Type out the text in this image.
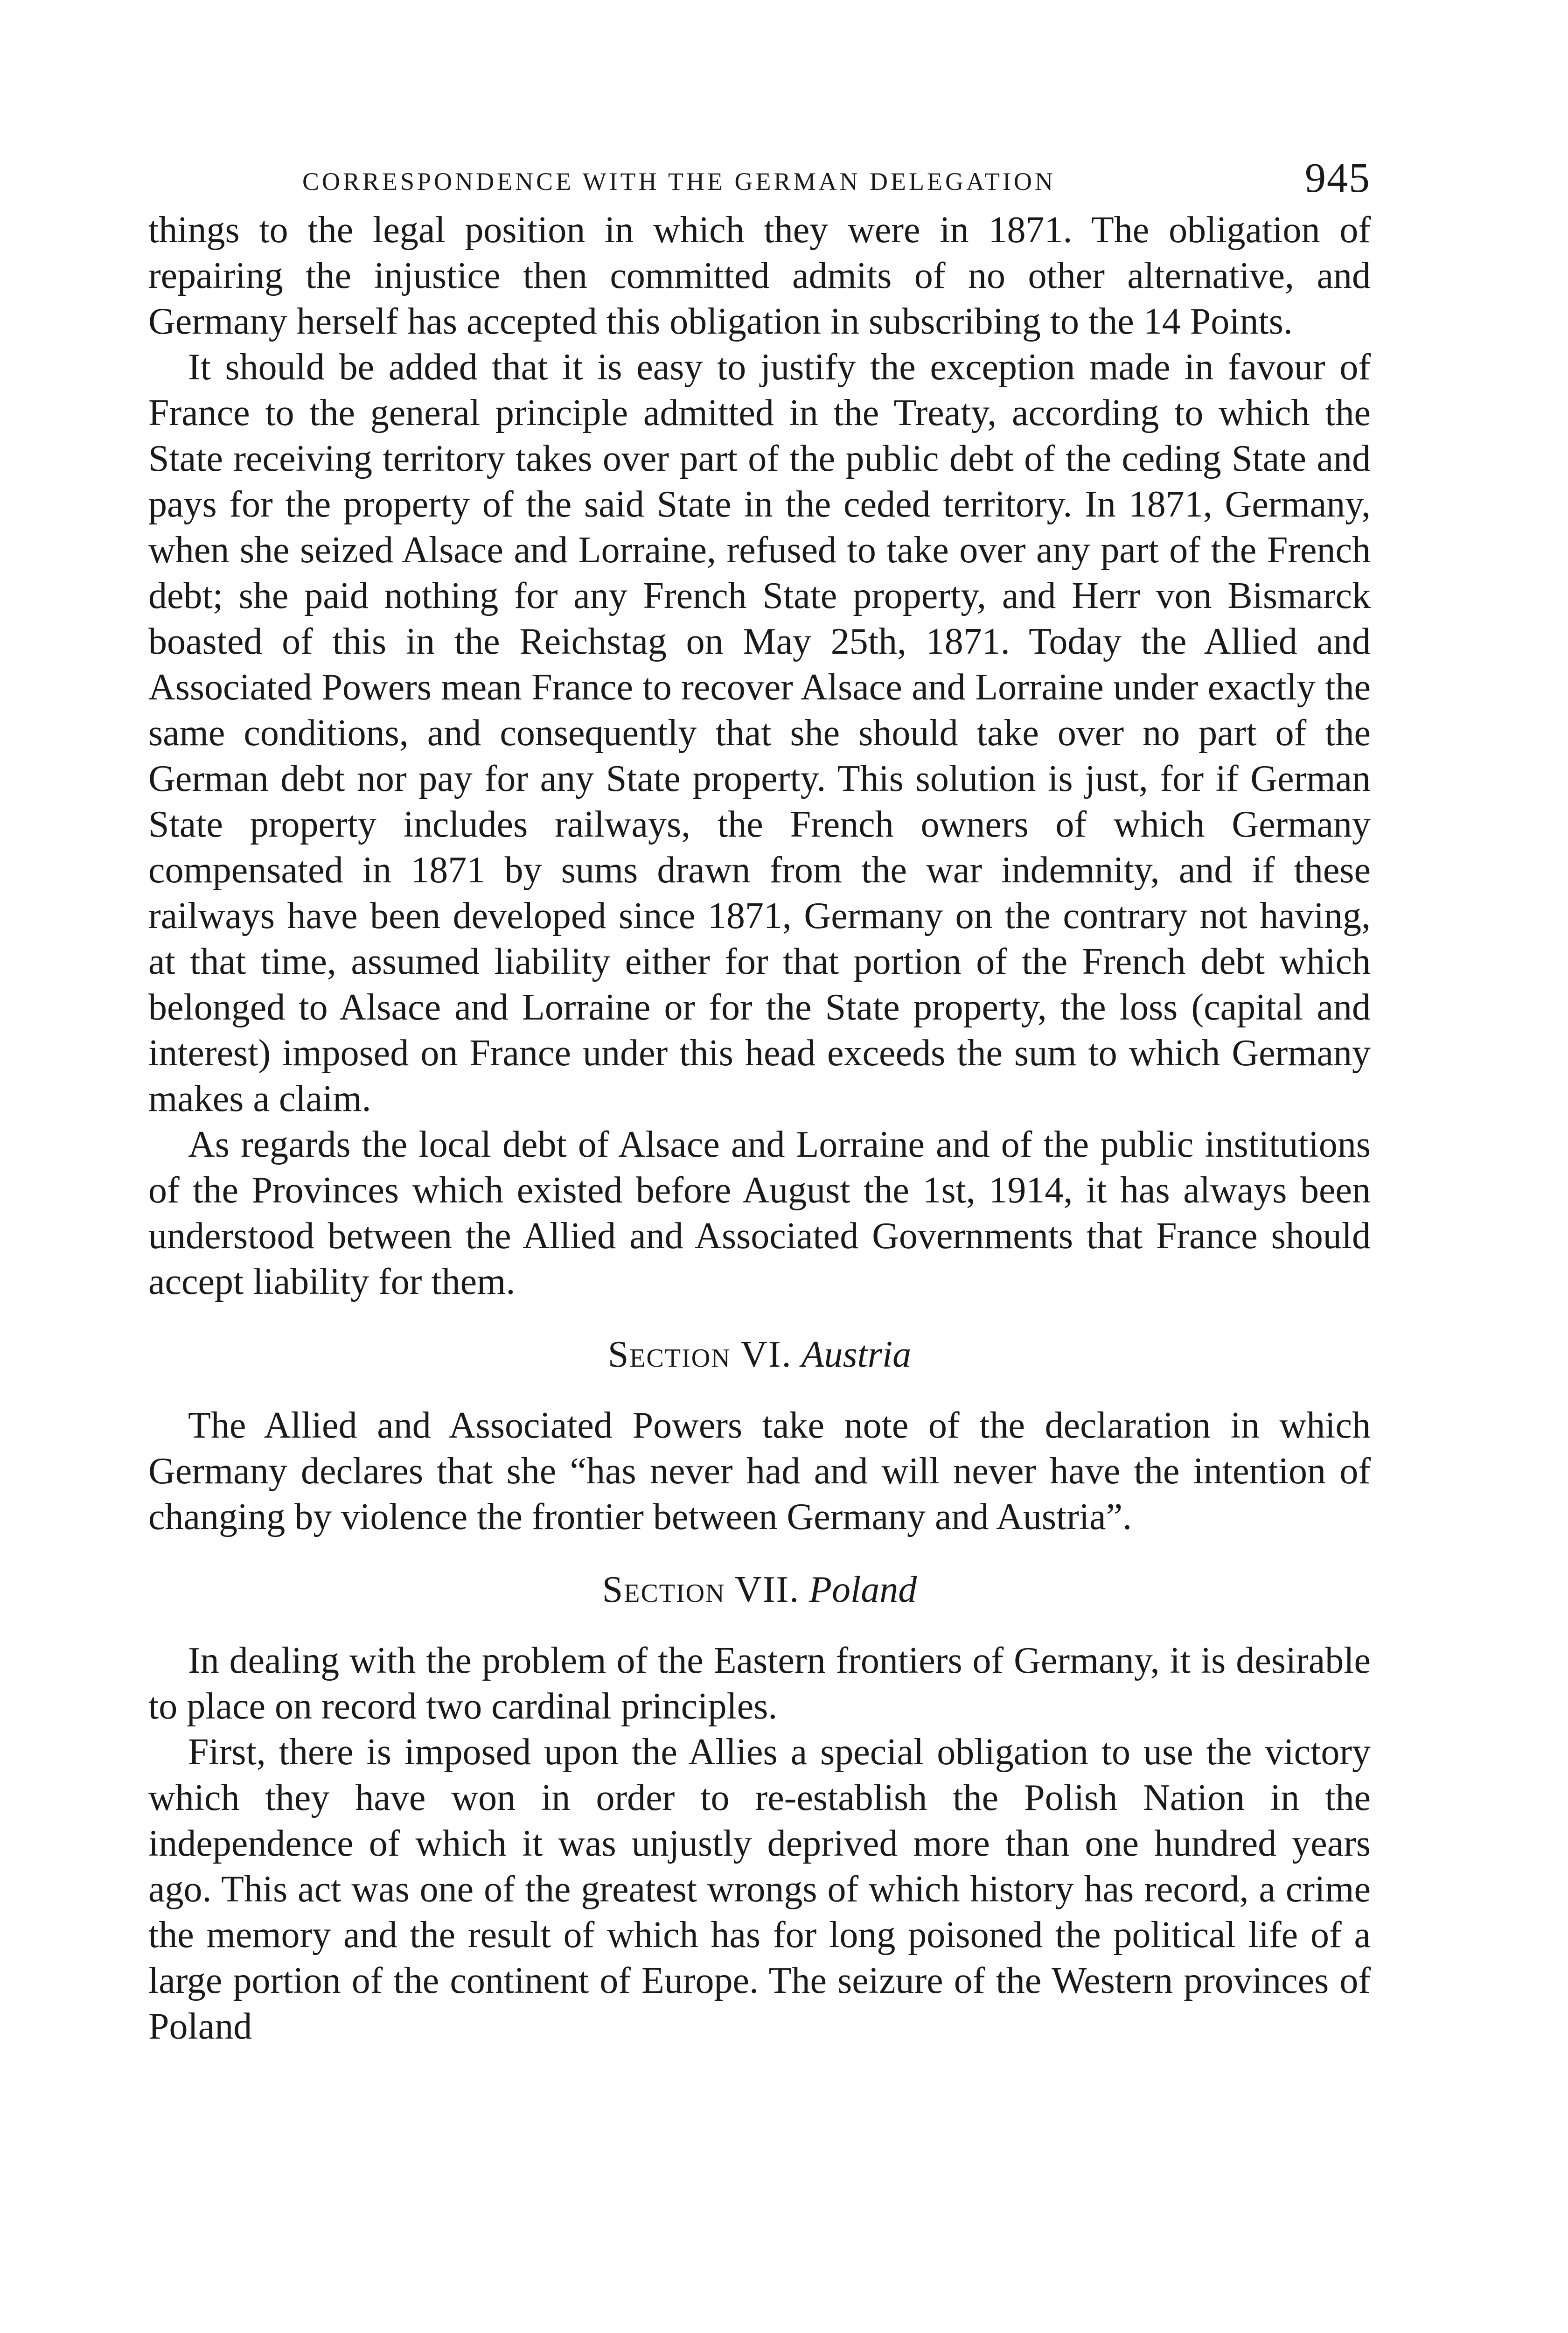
CORRESPONDENCE WITH THE GERMAN DELEGATION	945

things to the legal position in which they were in 1871. The obligation of repairing the injustice then committed admits of no other alternative, and Germany herself has accepted this obligation in subscribing to the 14 Points.

It should be added that it is easy to justify the exception made in favour of France to the general principle admitted in the Treaty, according to which the State receiving territory takes over part of the public debt of the ceding State and pays for the property of the said State in the ceded territory. In 1871, Germany, when she seized Alsace and Lorraine, refused to take over any part of the French debt; she paid nothing for any French State property, and Herr von Bismarck boasted of this in the Reichstag on May 25th, 1871. Today the Allied and Associated Powers mean France to recover Alsace and Lorraine under exactly the same conditions, and consequently that she should take over no part of the German debt nor pay for any State property. This solution is just, for if German State property includes railways, the French owners of which Germany compensated in 1871 by sums drawn from the war indemnity, and if these railways have been developed since 1871, Germany on the contrary not having, at that time, assumed liability either for that portion of the French debt which belonged to Alsace and Lorraine or for the State property, the loss (capital and interest) imposed on France under this head exceeds the sum to which Germany makes a claim.

As regards the local debt of Alsace and Lorraine and of the public institutions of the Provinces which existed before August the 1st, 1914, it has always been understood between the Allied and Associated Governments that France should accept liability for them.

Section VI. Austria

The Allied and Associated Powers take note of the declaration in which Germany declares that she “has never had and will never have the intention of changing by violence the frontier between Germany and Austria”.

Section VII. Poland

In dealing with the problem of the Eastern frontiers of Germany, it is desirable to place on record two cardinal principles.

First, there is imposed upon the Allies a special obligation to use the victory which they have won in order to re-establish the Polish Nation in the independence of which it was unjustly deprived more than one hundred years ago. This act was one of the greatest wrongs of which history has record, a crime the memory and the result of which has for long poisoned the political life of a large portion of the continent of Europe. The seizure of the Western provinces of Poland
